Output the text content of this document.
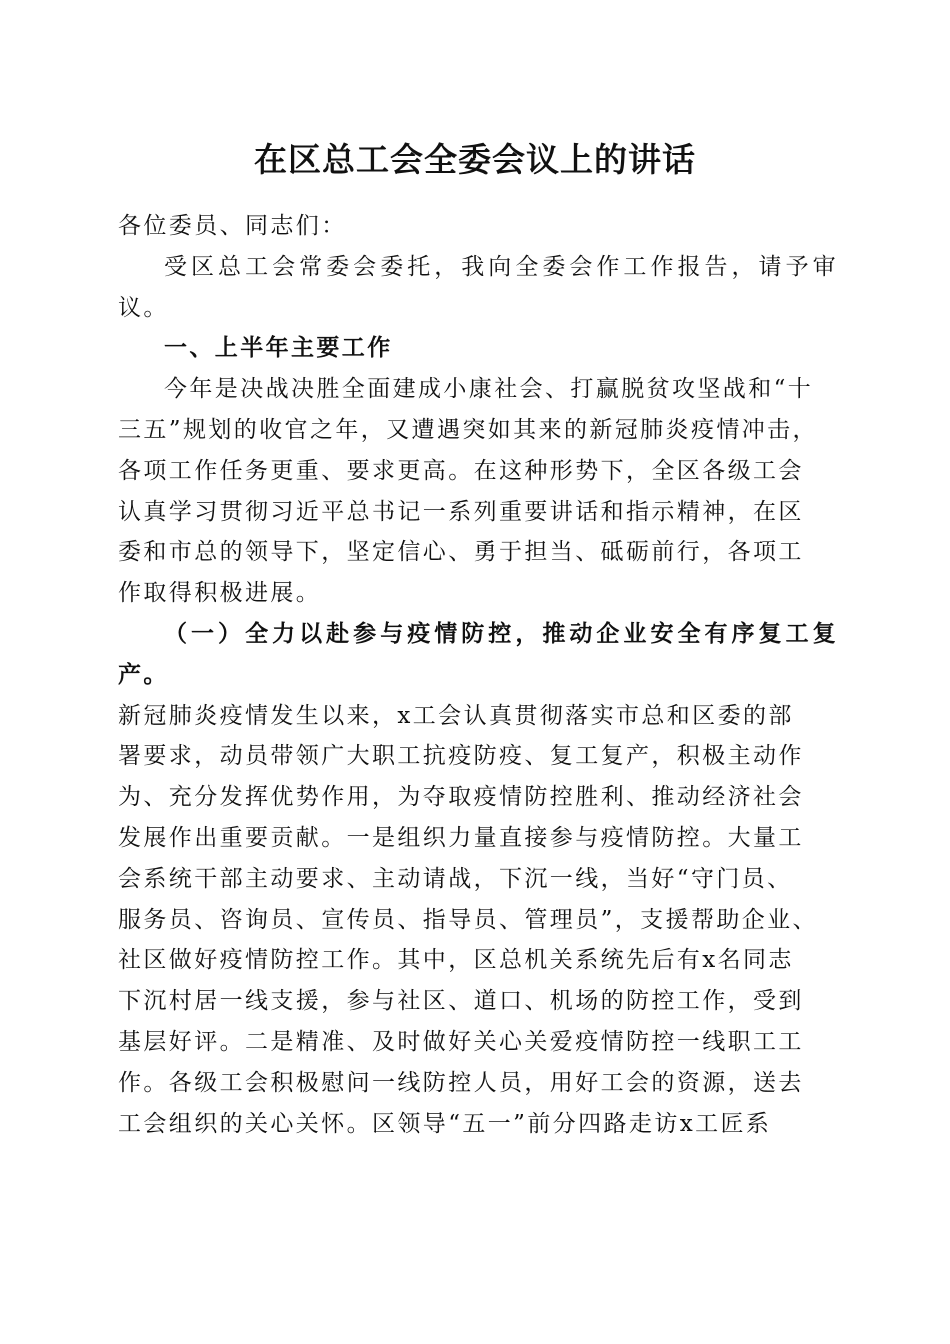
在区总工会全委会议上的讲话

各位委员、同志们：

受区总工会常委会委托，我向全委会作工作报告，请予审议。

一、上半年主要工作

今年是决战决胜全面建成小康社会、打赢脱贫攻坚战和“十
三五”规划的收官之年，又遭遇突如其来的新冠肺炎疫情冲击，
各项工作任务更重、要求更高。在这种形势下，全区各级工会
认真学习贯彻习近平总书记一系列重要讲话和指示精神，在区
委和市总的领导下，坚定信心、勇于担当、砥砺前行，各项工
作取得积极进展。

（一）全力以赴参与疫情防控，推动企业安全有序复工复产。

新冠肺炎疫情发生以来，x工会认真贯彻落实市总和区委的部
署要求，动员带领广大职工抗疫防疫、复工复产，积极主动作
为、充分发挥优势作用，为夺取疫情防控胜利、推动经济社会
发展作出重要贡献。一是组织力量直接参与疫情防控。大量工
会系统干部主动要求、主动请战，下沉一线，当好“守门员、
服务员、咨询员、宣传员、指导员、管理员”，支援帮助企业、
社区做好疫情防控工作。其中，区总机关系统先后有x名同志
下沉村居一线支援，参与社区、道口、机场的防控工作，受到
基层好评。二是精准、及时做好关心关爱疫情防控一线职工工
作。各级工会积极慰问一线防控人员，用好工会的资源，送去
工会组织的关心关怀。区领导“五一”前分四路走访x工匠系
